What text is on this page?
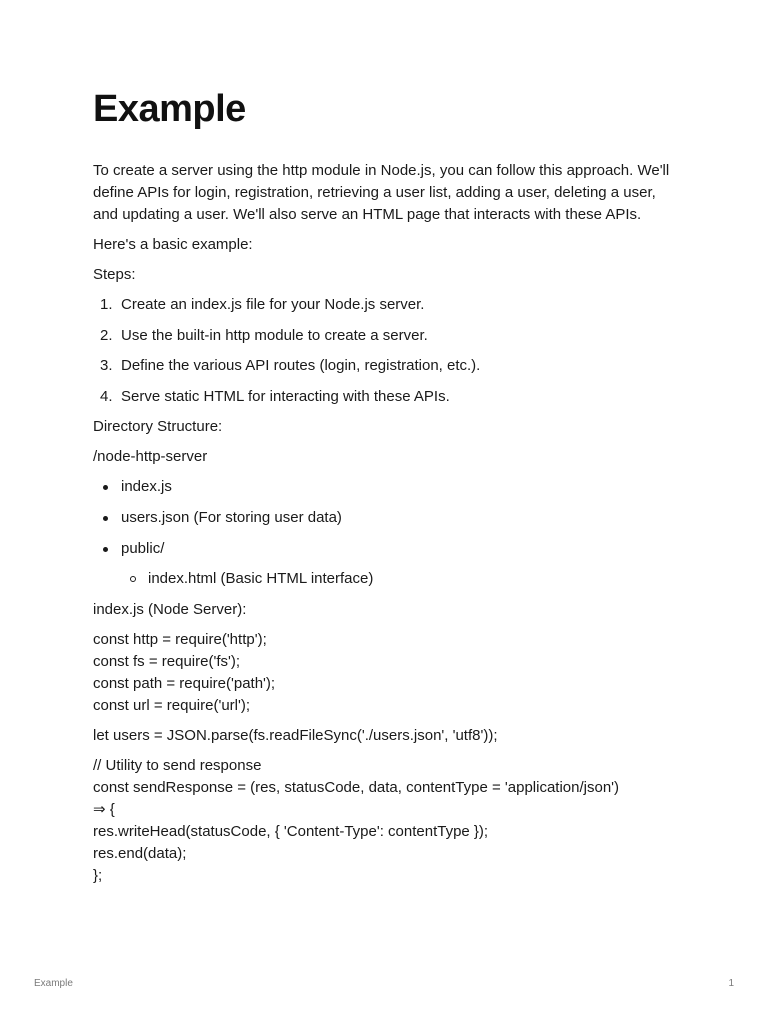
Example

To create a server using the http module in Node.js, you can follow this approach. We'll define APIs for login, registration, retrieving a user list, adding a user, deleting a user, and updating a user. We'll also serve an HTML page that interacts with these APIs.

Here's a basic example:

Steps:

1. Create an index.js file for your Node.js server.
2. Use the built-in http module to create a server.
3. Define the various API routes (login, registration, etc.).
4. Serve static HTML for interacting with these APIs.

Directory Structure:

/node-http-server

index.js
users.json (For storing user data)
public/
index.html (Basic HTML interface)

index.js (Node Server):

const http = require('http');
const fs = require('fs');
const path = require('path');
const url = require('url');
let users = JSON.parse(fs.readFileSync('./users.json', 'utf8'));
// Utility to send response
const sendResponse = (res, statusCode, data, contentType = 'application/json')
⇒ {
res.writeHead(statusCode, { 'Content-Type': contentType });
res.end(data);
};
Example	1
